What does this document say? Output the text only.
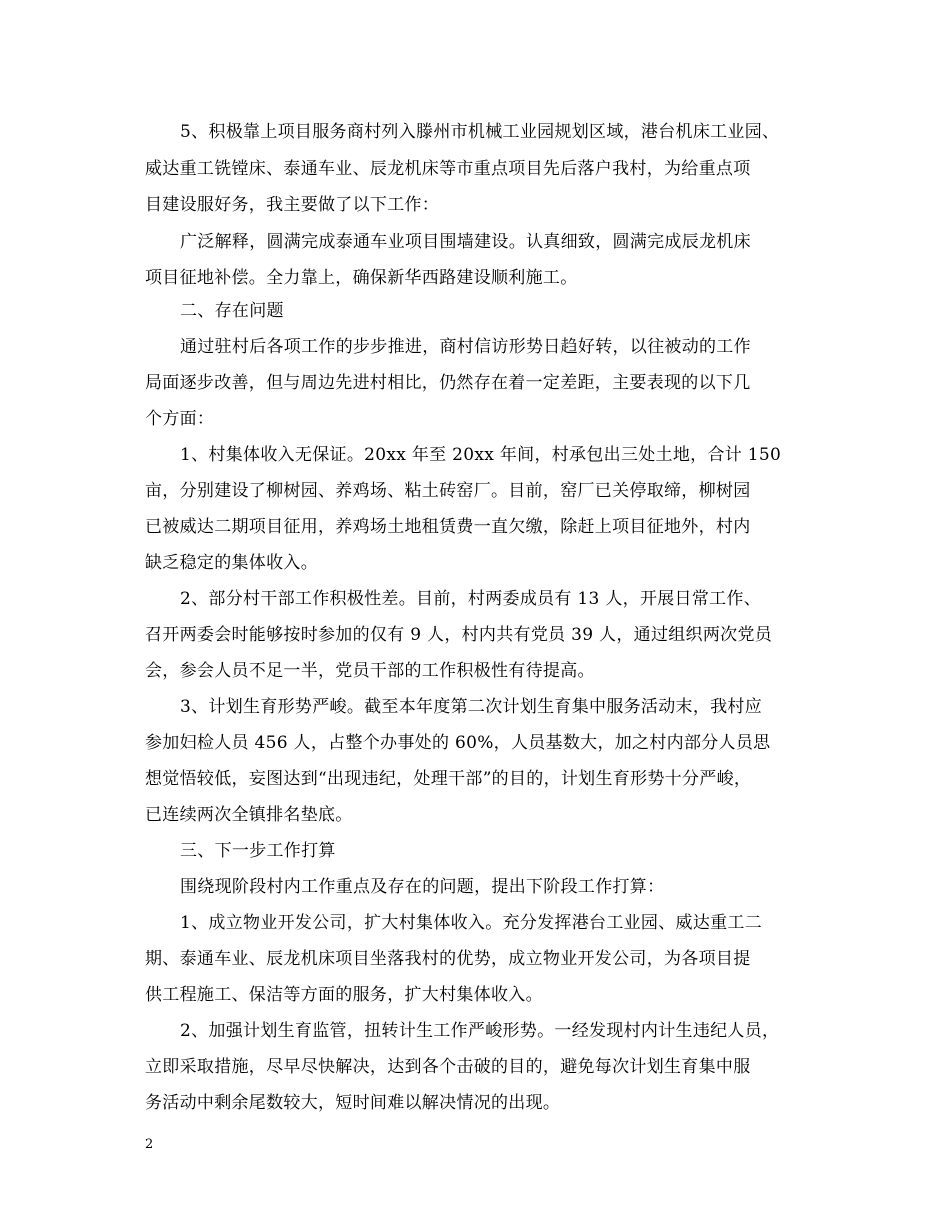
5、积极靠上项目服务商村列入滕州市机械工业园规划区域，港台机床工业园、
威达重工铣镗床、泰通车业、辰龙机床等市重点项目先后落户我村，为给重点项
目建设服好务，我主要做了以下工作：
广泛解释，圆满完成泰通车业项目围墙建设。认真细致，圆满完成辰龙机床
项目征地补偿。全力靠上，确保新华西路建设顺利施工。
二、存在问题
通过驻村后各项工作的步步推进，商村信访形势日趋好转，以往被动的工作
局面逐步改善，但与周边先进村相比，仍然存在着一定差距，主要表现的以下几
个方面：
1、村集体收入无保证。20xx 年至 20xx 年间，村承包出三处土地，合计 150
亩，分别建设了柳树园、养鸡场、粘土砖窑厂。目前，窑厂已关停取缔，柳树园
已被威达二期项目征用，养鸡场土地租赁费一直欠缴，除赶上项目征地外，村内
缺乏稳定的集体收入。
2、部分村干部工作积极性差。目前，村两委成员有 13 人，开展日常工作、
召开两委会时能够按时参加的仅有 9 人，村内共有党员 39 人，通过组织两次党员
会，参会人员不足一半，党员干部的工作积极性有待提高。
3、计划生育形势严峻。截至本年度第二次计划生育集中服务活动末，我村应
参加妇检人员 456 人，占整个办事处的 60%，人员基数大，加之村内部分人员思
想觉悟较低，妄图达到“出现违纪，处理干部”的目的，计划生育形势十分严峻，
已连续两次全镇排名垫底。
三、下一步工作打算
围绕现阶段村内工作重点及存在的问题，提出下阶段工作打算：
1、成立物业开发公司，扩大村集体收入。充分发挥港台工业园、威达重工二
期、泰通车业、辰龙机床项目坐落我村的优势，成立物业开发公司，为各项目提
供工程施工、保洁等方面的服务，扩大村集体收入。
2、加强计划生育监管，扭转计生工作严峻形势。一经发现村内计生违纪人员，
立即采取措施，尽早尽快解决，达到各个击破的目的，避免每次计划生育集中服
务活动中剩余尾数较大，短时间难以解决情况的出现。
2
